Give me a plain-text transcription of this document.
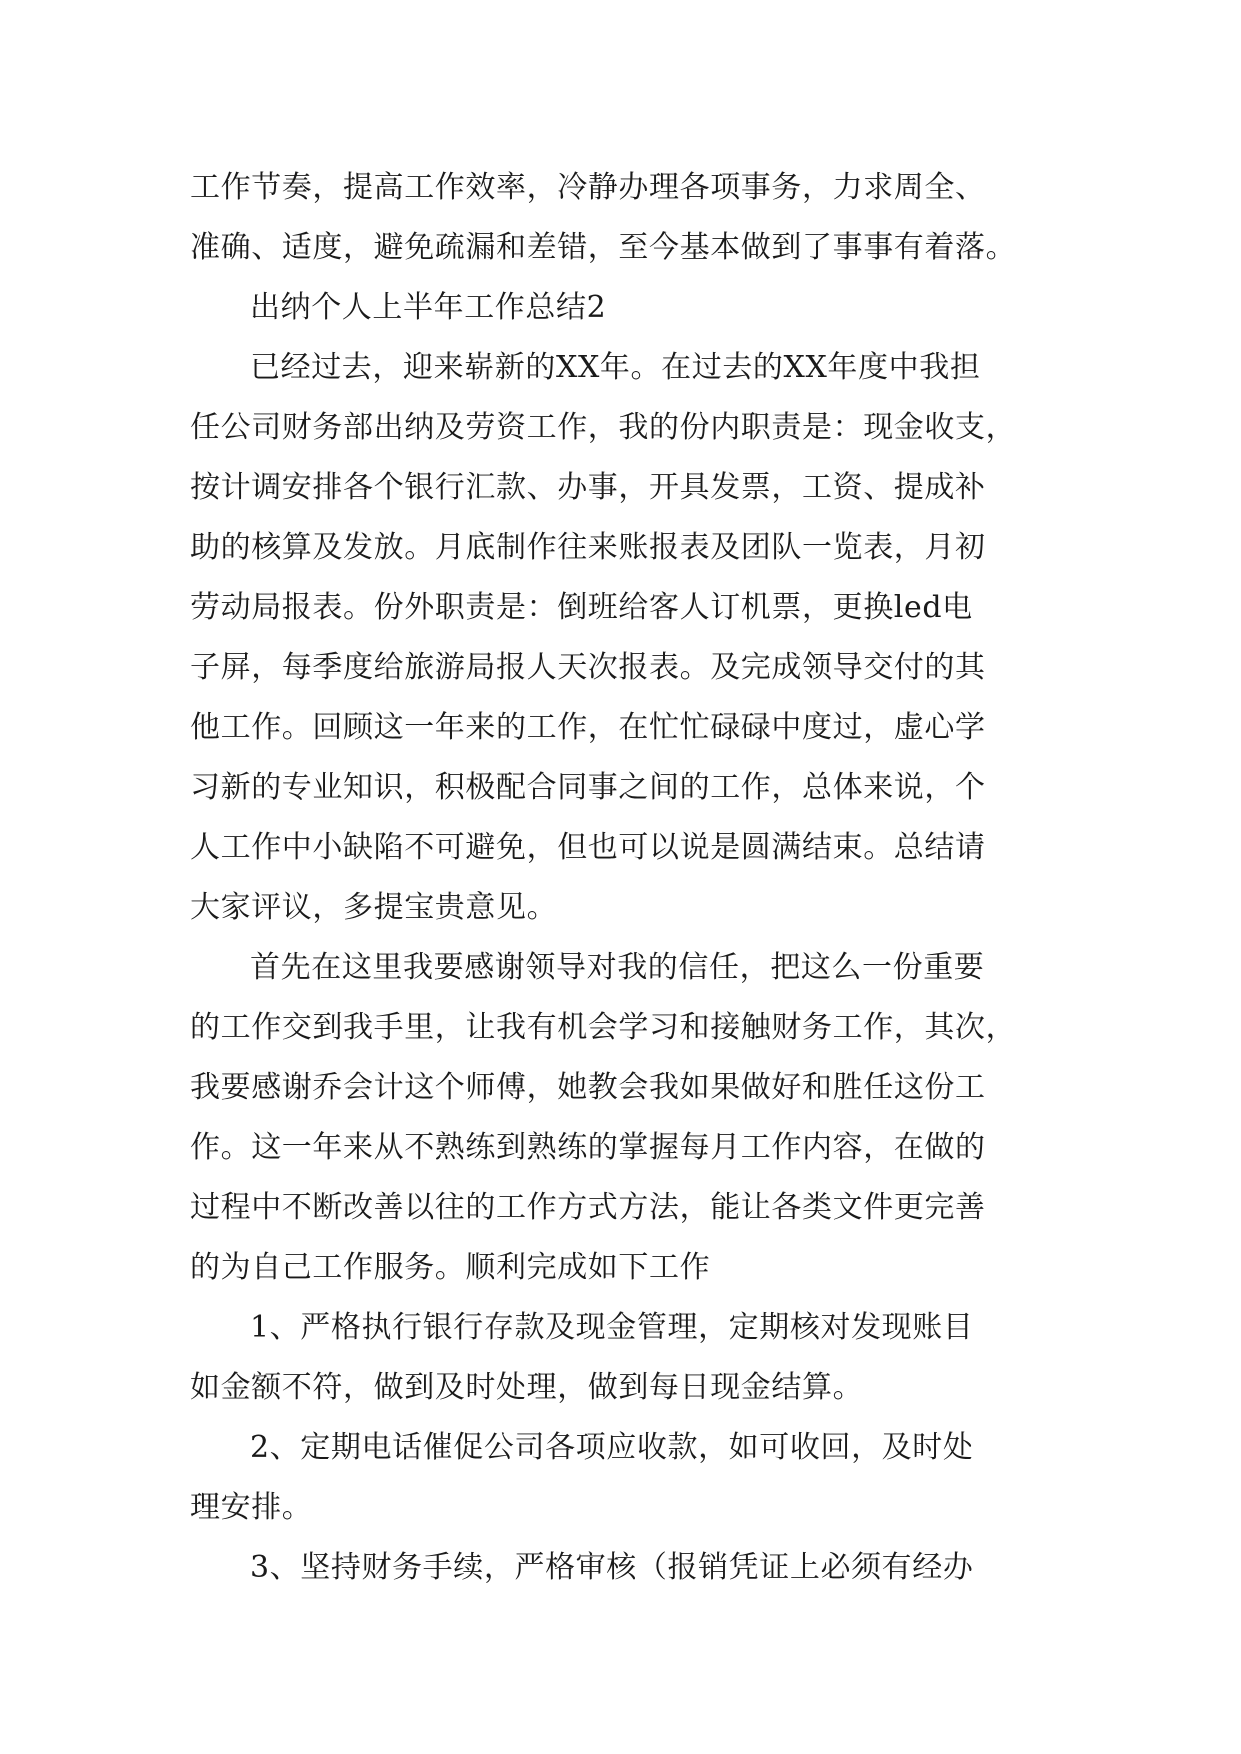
工作节奏，提高工作效率，冷静办理各项事务，力求周全、
准确、适度，避免疏漏和差错，至今基本做到了事事有着落。
出纳个人上半年工作总结2
已经过去，迎来崭新的XX年。在过去的XX年度中我担
任公司财务部出纳及劳资工作，我的份内职责是：现金收支，
按计调安排各个银行汇款、办事，开具发票，工资、提成补
助的核算及发放。月底制作往来账报表及团队一览表，月初
劳动局报表。份外职责是：倒班给客人订机票，更换led电
子屏，每季度给旅游局报人天次报表。及完成领导交付的其
他工作。回顾这一年来的工作，在忙忙碌碌中度过，虚心学
习新的专业知识，积极配合同事之间的工作，总体来说，个
人工作中小缺陷不可避免，但也可以说是圆满结束。总结请
大家评议，多提宝贵意见。
首先在这里我要感谢领导对我的信任，把这么一份重要
的工作交到我手里，让我有机会学习和接触财务工作，其次，
我要感谢乔会计这个师傅，她教会我如果做好和胜任这份工
作。这一年来从不熟练到熟练的掌握每月工作内容，在做的
过程中不断改善以往的工作方式方法，能让各类文件更完善
的为自己工作服务。顺利完成如下工作
1、严格执行银行存款及现金管理，定期核对发现账目
如金额不符，做到及时处理，做到每日现金结算。
2、定期电话催促公司各项应收款，如可收回，及时处
理安排。
3、坚持财务手续，严格审核（报销凭证上必须有经办
